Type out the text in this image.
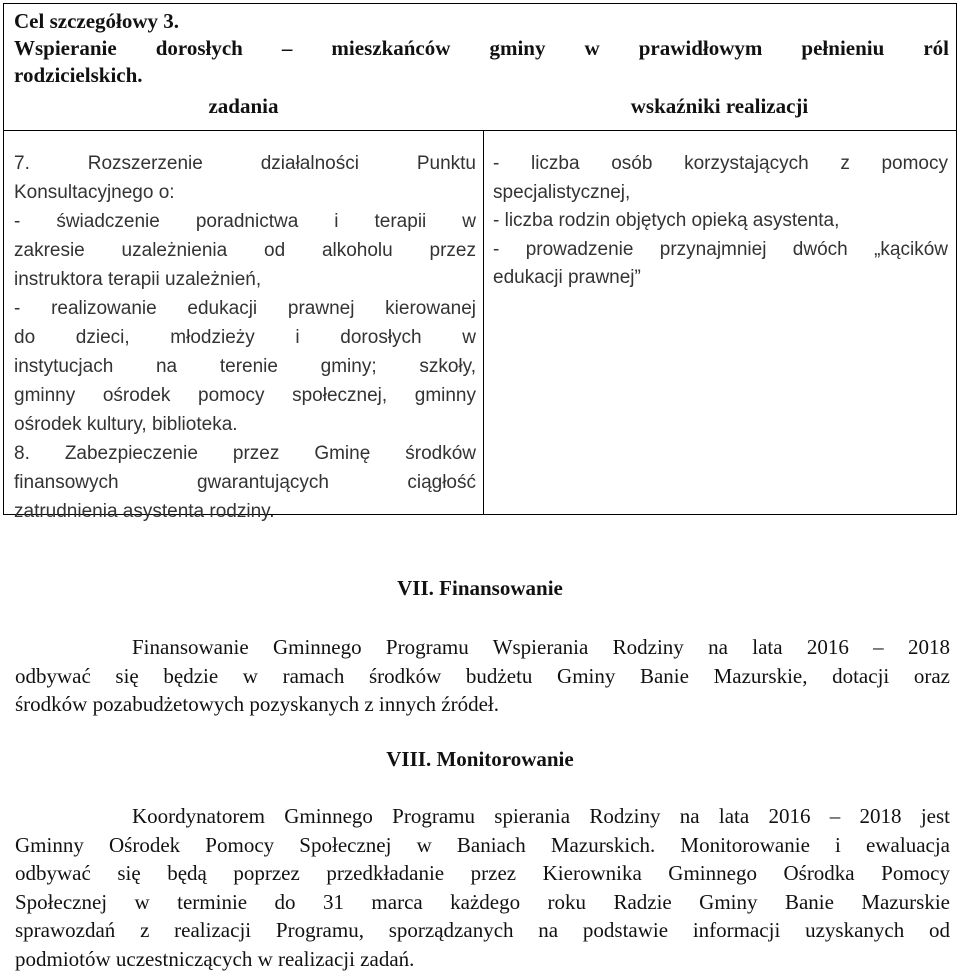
Cel szczegółowy 3.
Wspieranie dorosłych – mieszkańców gminy w prawidłowym pełnieniu ról
rodzicielskich.
zadania	wskaźniki realizacji
7. Rozszerzenie działalności Punktu
Konsultacyjnego o:
- świadczenie poradnictwa i terapii w
zakresie uzależnienia od alkoholu przez
instruktora terapii uzależnień,
- realizowanie edukacji prawnej kierowanej
do dzieci, młodzieży i dorosłych w
instytucjach na terenie gminy; szkoły,
gminny ośrodek pomocy społecznej, gminny
ośrodek kultury, biblioteka.
8. Zabezpieczenie przez Gminę środków
finansowych gwarantujących ciągłość
zatrudnienia asystenta rodziny.
- liczba osób korzystających z pomocy
specjalistycznej,
- liczba rodzin objętych opieką asystenta,
- prowadzenie przynajmniej dwóch „kącików
edukacji prawnej”
VII. Finansowanie
Finansowanie Gminnego Programu Wspierania Rodziny na lata 2016 – 2018
odbywać się będzie w ramach środków budżetu Gminy Banie Mazurskie, dotacji oraz
środków pozabudżetowych pozyskanych z innych źródeł.
VIII. Monitorowanie
Koordynatorem Gminnego Programu spierania Rodziny na lata 2016 – 2018 jest
Gminny Ośrodek Pomocy Społecznej w Baniach Mazurskich. Monitorowanie i ewaluacja
odbywać się będą poprzez przedkładanie przez Kierownika Gminnego Ośrodka Pomocy
Społecznej w terminie do 31 marca każdego roku Radzie Gminy Banie Mazurskie
sprawozdań z realizacji Programu, sporządzanych na podstawie informacji uzyskanych od
podmiotów uczestniczących w realizacji zadań.
